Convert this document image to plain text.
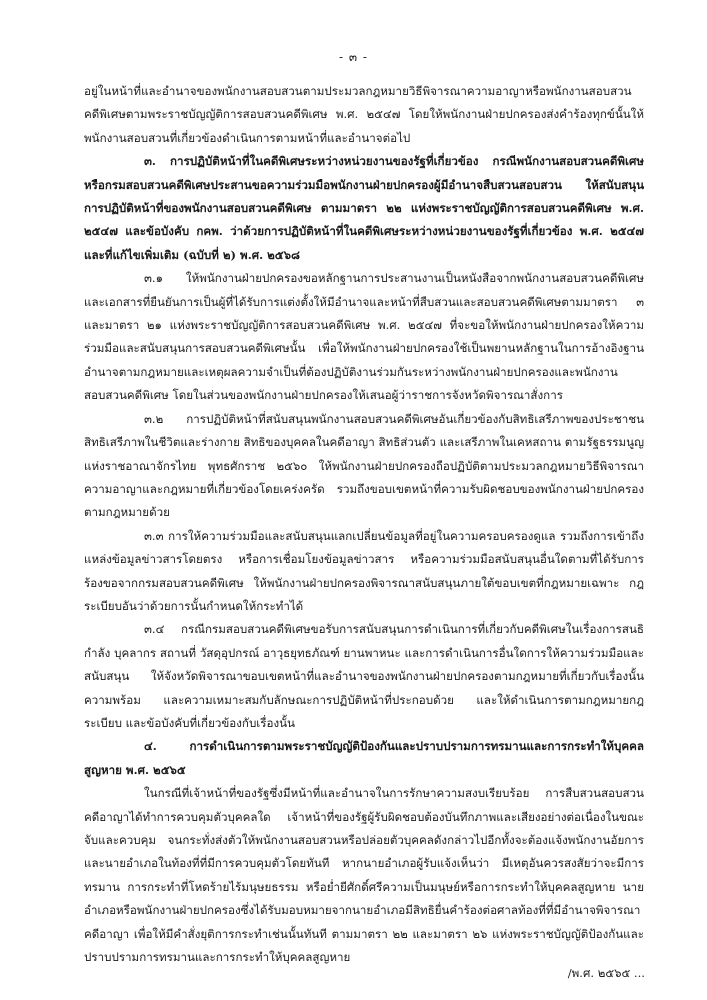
- ๓ -

อยู่ในหน้าที่และอำนาจของพนักงานสอบสวนตามประมวลกฎหมายวิธีพิจารณาความอาญาหรือพนักงานสอบสวนคดีพิเศษตามพระราชบัญญัติการสอบสวนคดีพิเศษ พ.ศ. ๒๕๔๗ โดยให้พนักงานฝ่ายปกครองส่งคำร้องทุกข์นั้นให้พนักงานสอบสวนที่เกี่ยวข้องดำเนินการตามหน้าที่และอำนาจต่อไป

๓. การปฏิบัติหน้าที่ในคดีพิเศษระหว่างหน่วยงานของรัฐที่เกี่ยวข้อง กรณีพนักงานสอบสวนคดีพิเศษหรือกรมสอบสวนคดีพิเศษประสานขอความร่วมมือพนักงานฝ่ายปกครองผู้มีอำนาจสืบสวนสอบสวน ให้สนับสนุนการปฏิบัติหน้าที่ของพนักงานสอบสวนคดีพิเศษ ตามมาตรา ๒๒ แห่งพระราชบัญญัติการสอบสวนคดีพิเศษ พ.ศ. ๒๕๔๗ และข้อบังคับ กคพ. ว่าด้วยการปฏิบัติหน้าที่ในคดีพิเศษระหว่างหน่วยงานของรัฐที่เกี่ยวข้อง พ.ศ. ๒๕๔๗ และที่แก้ไขเพิ่มเติม (ฉบับที่ ๒) พ.ศ. ๒๕๖๘

๓.๑ ให้พนักงานฝ่ายปกครองขอหลักฐานการประสานงานเป็นหนังสือจากพนักงานสอบสวนคดีพิเศษ และเอกสารที่ยืนยันการเป็นผู้ที่ได้รับการแต่งตั้งให้มีอำนาจและหน้าที่สืบสวนและสอบสวนคดีพิเศษตามมาตรา ๓ และมาตรา ๒๑ แห่งพระราชบัญญัติการสอบสวนคดีพิเศษ พ.ศ. ๒๕๔๗ ที่จะขอให้พนักงานฝ่ายปกครองให้ความร่วมมือและสนับสนุนการสอบสวนคดีพิเศษนั้น เพื่อให้พนักงานฝ่ายปกครองใช้เป็นพยานหลักฐานในการอ้างอิงฐานอำนาจตามกฎหมายและเหตุผลความจำเป็นที่ต้องปฏิบัติงานร่วมกันระหว่างพนักงานฝ่ายปกครองและพนักงานสอบสวนคดีพิเศษ โดยในส่วนของพนักงานฝ่ายปกครองให้เสนอผู้ว่าราชการจังหวัดพิจารณาสั่งการ

๓.๒ การปฏิบัติหน้าที่สนับสนุนพนักงานสอบสวนคดีพิเศษอันเกี่ยวข้องกับสิทธิเสรีภาพของประชาชน สิทธิเสรีภาพในชีวิตและร่างกาย สิทธิของบุคคลในคดีอาญา สิทธิส่วนตัว และเสรีภาพในเคหสถาน ตามรัฐธรรมนูญแห่งราชอาณาจักรไทย พุทธศักราช ๒๕๖๐ ให้พนักงานฝ่ายปกครองถือปฏิบัติตามประมวลกฎหมายวิธีพิจารณาความอาญาและกฎหมายที่เกี่ยวข้องโดยเคร่งครัด รวมถึงขอบเขตหน้าที่ความรับผิดชอบของพนักงานฝ่ายปกครองตามกฎหมายด้วย

๓.๓ การให้ความร่วมมือและสนับสนุนแลกเปลี่ยนข้อมูลที่อยู่ในความครอบครองดูแล รวมถึงการเข้าถึงแหล่งข้อมูลข่าวสารโดยตรง หรือการเชื่อมโยงข้อมูลข่าวสาร หรือความร่วมมือสนับสนุนอื่นใดตามที่ได้รับการร้องขอจากกรมสอบสวนคดีพิเศษ ให้พนักงานฝ่ายปกครองพิจารณาสนับสนุนภายใต้ขอบเขตที่กฎหมายเฉพาะ กฎ ระเบียบอันว่าด้วยการนั้นกำหนดให้กระทำได้

๓.๔ กรณีกรมสอบสวนคดีพิเศษขอรับการสนับสนุนการดำเนินการที่เกี่ยวกับคดีพิเศษในเรื่องการสนธิกำลัง บุคลากร สถานที่ วัสดุอุปกรณ์ อาวุธยุทธภัณฑ์ ยานพาหนะ และการดำเนินการอื่นใดการให้ความร่วมมือและสนับสนุน ให้จังหวัดพิจารณาขอบเขตหน้าที่และอำนาจของพนักงานฝ่ายปกครองตามกฎหมายที่เกี่ยวกับเรื่องนั้น ความพร้อม และความเหมาะสมกับลักษณะการปฏิบัติหน้าที่ประกอบด้วย และให้ดำเนินการตามกฎหมายกฎ ระเบียบ และข้อบังคับที่เกี่ยวข้องกับเรื่องนั้น

๔. การดำเนินการตามพระราชบัญญัติป้องกันและปราบปรามการทรมานและการกระทำให้บุคคลสูญหาย พ.ศ. ๒๕๖๕

ในกรณีที่เจ้าหน้าที่ของรัฐซึ่งมีหน้าที่และอำนาจในการรักษาความสงบเรียบร้อย การสืบสวนสอบสวนคดีอาญาได้ทำการควบคุมตัวบุคคลใด เจ้าหน้าที่ของรัฐผู้รับผิดชอบต้องบันทึกภาพและเสียงอย่างต่อเนื่องในขณะจับและควบคุม จนกระทั่งส่งตัวให้พนักงานสอบสวนหรือปล่อยตัวบุคคลดังกล่าวไปอีกทั้งจะต้องแจ้งพนักงานอัยการและนายอำเภอในท้องที่ที่มีการควบคุมตัวโดยทันที หากนายอำเภอผู้รับแจ้งเห็นว่า มีเหตุอันควรสงสัยว่าจะมีการทรมาน การกระทำที่โหดร้ายไร้มนุษยธรรม หรือย่ำยีศักดิ์ศรีความเป็นมนุษย์หรือการกระทำให้บุคคลสูญหาย นายอำเภอหรือพนักงานฝ่ายปกครองซึ่งได้รับมอบหมายจากนายอำเภอมีสิทธิยื่นคำร้องต่อศาลท้องที่ที่มีอำนาจพิจารณาคดีอาญา เพื่อให้มีคำสั่งยุติการกระทำเช่นนั้นทันที ตามมาตรา ๒๒ และมาตรา ๒๖ แห่งพระราชบัญญัติป้องกันและปราบปรามการทรมานและการกระทำให้บุคคลสูญหาย

/พ.ศ. ๒๕๖๕ ...
